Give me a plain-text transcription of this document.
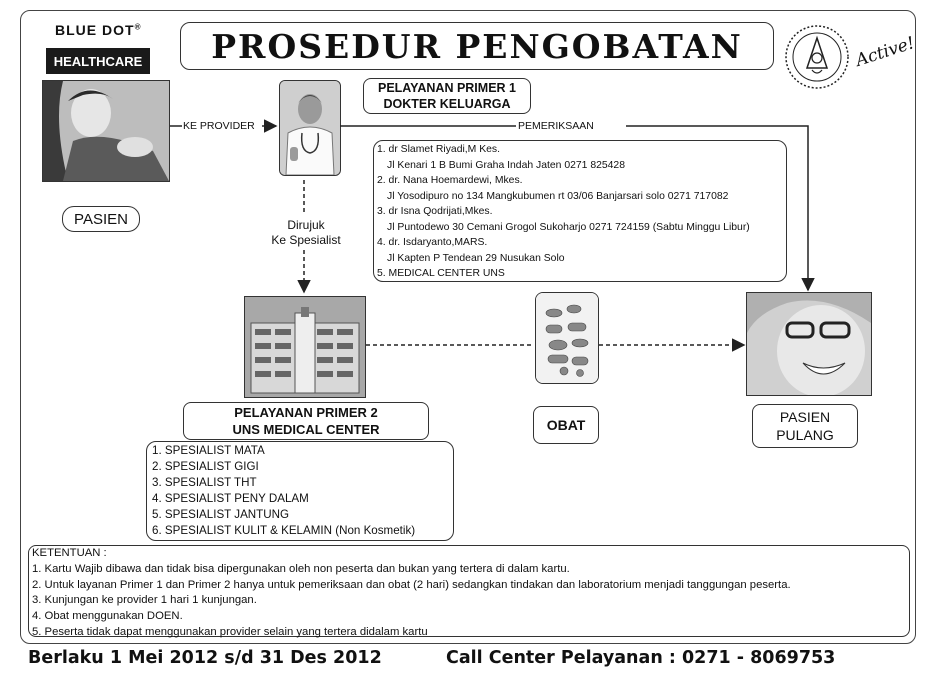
BLUE DOT®
HEALTHCARE	PROSEDUR PENGOBATAN	Active!
PASIEN
PELAYANAN PRIMER 1
DOKTER KELUARGA
1. dr Slamet Riyadi,M Kes.
Jl Kenari 1 B Bumi Graha Indah Jaten 0271 825428
2. dr. Nana Hoemardewi, Mkes.
Jl Yosodipuro no 134 Mangkubumen rt 03/06 Banjarsari solo 0271 717082
3. dr Isna Qodrijati,Mkes.
Jl Puntodewo 30 Cemani Grogol Sukoharjo 0271 724159 (Sabtu Minggu Libur)
4. dr. Isdaryanto,MARS.
Jl Kapten P Tendean 29 Nusukan Solo
5. MEDICAL CENTER UNS
KE PROVIDER	PEMERIKSAAN
Dirujuk
Ke Spesialist
PELAYANAN PRIMER 2
UNS MEDICAL CENTER
1. SPESIALIST MATA
2. SPESIALIST GIGI
3. SPESIALIST THT
4. SPESIALIST PENY DALAM
5. SPESIALIST JANTUNG
6. SPESIALIST KULIT & KELAMIN (Non Kosmetik)
OBAT	PASIEN
PULANG
KETENTUAN :
1. Kartu Wajib dibawa dan tidak bisa dipergunakan oleh non peserta dan bukan yang tertera di dalam kartu.
2. Untuk layanan Primer 1 dan Primer 2 hanya untuk pemeriksaan dan obat (2 hari) sedangkan tindakan dan laboratorium menjadi tanggungan peserta.
3. Kunjungan ke provider 1 hari 1 kunjungan.
4. Obat menggunakan DOEN.
5. Peserta tidak dapat menggunakan provider selain yang tertera didalam kartu
Berlaku 1 Mei 2012 s/d 31 Des 2012	Call Center Pelayanan : 0271 - 8069753
